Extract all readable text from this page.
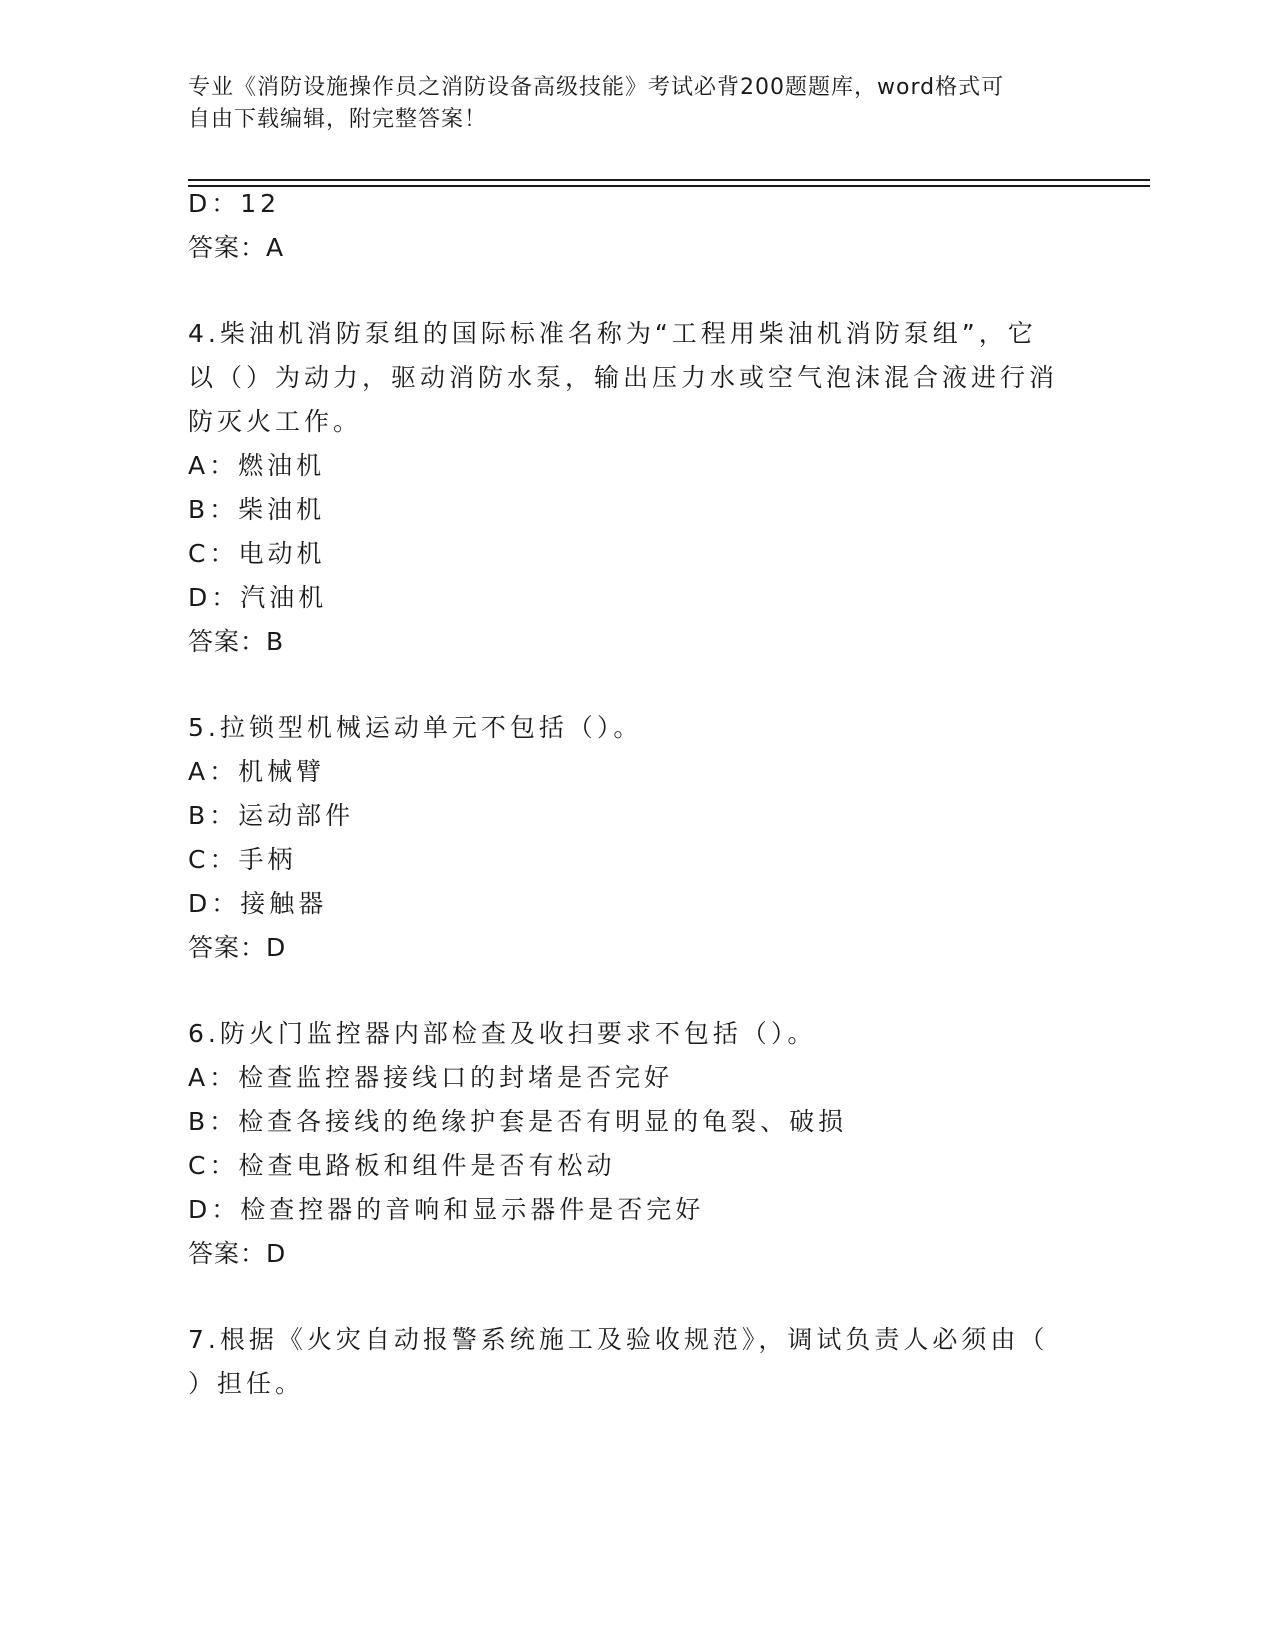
专业《消防设施操作员之消防设备高级技能》考试必背200题题库，word格式可
自由下载编辑，附完整答案！
D：12
答案：A
4.柴油机消防泵组的国际标准名称为“工程用柴油机消防泵组”，它
以（）为动力，驱动消防水泵，输出压力水或空气泡沫混合液进行消
防灭火工作。
A：燃油机
B：柴油机
C：电动机
D：汽油机
答案：B
5.拉锁型机械运动单元不包括（）。
A：机械臂
B：运动部件
C：手柄
D：接触器
答案：D
6.防火门监控器内部检查及收扫要求不包括（）。
A：检查监控器接线口的封堵是否完好
B：检查各接线的绝缘护套是否有明显的龟裂、破损
C：检查电路板和组件是否有松动
D：检查控器的音响和显示器件是否完好
答案：D
7.根据《火灾自动报警系统施工及验收规范》，调试负责人必须由（
）担任。
